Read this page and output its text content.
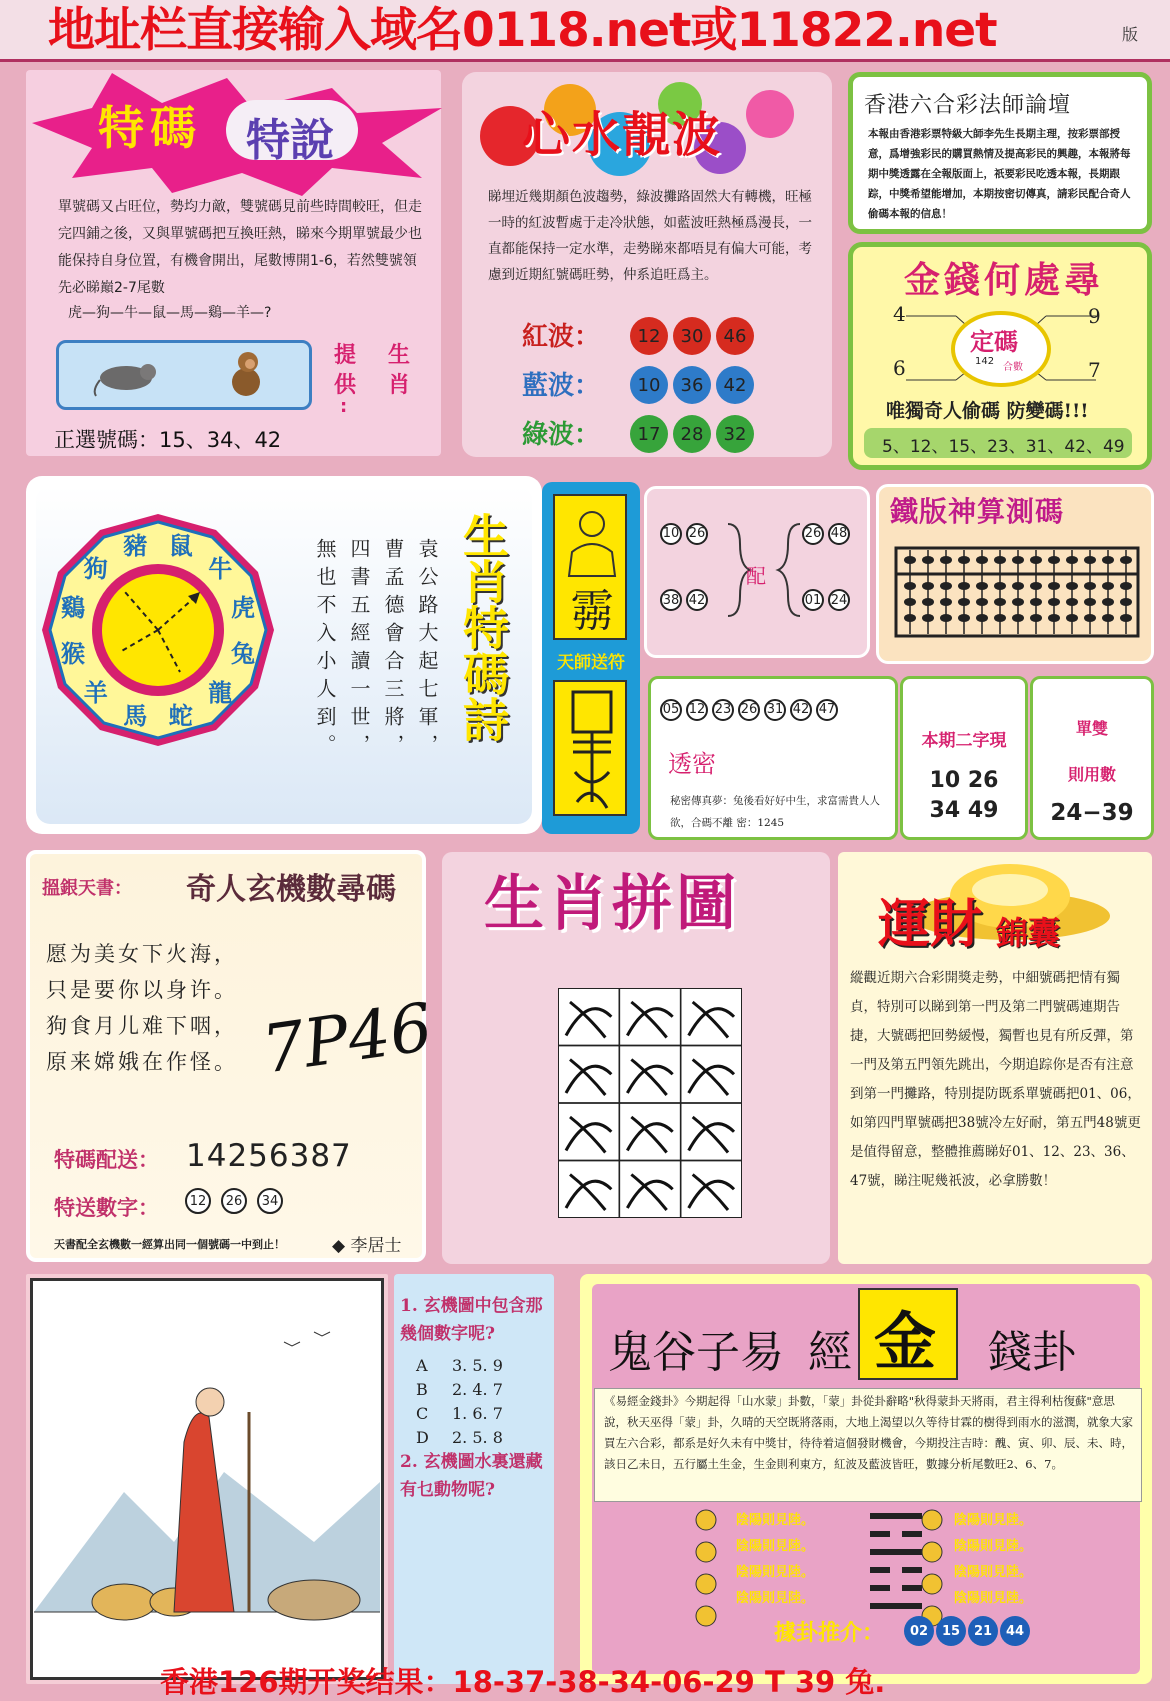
地址栏直接输入域名0118.net或11822.net	版
特碼 特說
單號碼又占旺位，勢均力敵，雙號碼見前些時間較旺，但走完四鋪之後，又與單號碼把互換旺熱，睇來今期單號最少也能保持自身位置，有機會開出，尾數博開1-6，若然雙號領先必睇巔2-7尾數
虎—狗—牛—鼠—馬—鷄—羊—?
提 生
供 肖
:
正選號碼：15、34、42
心水靚波
睇埋近幾期顏色波趨勢，綠波攤路固然大有轉機，旺極一時的紅波暫處于走冷狀態，如藍波旺熱極爲漫長，一直都能保持一定水準，走勢睇來都唔見有偏大可能，考慮到近期紅號碼旺勢，仲系追旺爲主。
紅波：	12	30	46
藍波：	10	36	42
綠波：	17	28	32
香港六合彩法師論壇
本報由香港彩票特級大師李先生長期主理，按彩票部授意，爲增強彩民的購買熱情及提高彩民的興趣，本報將每期中獎透露在全報版面上，祇要彩民吃透本報，長期跟踪，中獎希望能增加，本期按密切傳真，請彩民配合奇人偷碼本報的信息！
金錢何處尋
4	9
6	7
定碼
142
合數
唯獨奇人偷碼 防變碼!!!
5、12、15、23、31、42、49
鼠
牛
虎
兔
龍
蛇
馬
羊
猴
鷄
狗
豬	生肖特碼詩
袁公路大起七軍，
曹孟德會合三將，
四書五經讀一世，
無也不入小人到。	霛
天師送符
10 26
38 42
配
26 48
01 24
鐵版神算測碼
05 12 23 26 31 42 47
透密
秘密傳真夢：兔後看好好中生，求富需貴人人欲，合碼不離 密：1245
本期二字現
10 26
34 49
單雙
則用數
24−39
搵銀天書： 奇人玄機數尋碼
愿为美女下火海，
只是要你以身许。
狗食月儿难下咽，
原来嫦娥在作怪。 7P46
特碼配送： 14256387
特送數字：	12 26 34
天書配全玄機數一經算出同一個號碼一中到止！	◆ 李居士
生肖拼圖	運財 錦囊
縱觀近期六合彩開獎走勢，中細號碼把情有獨貞，特別可以睇到第一門及第二門號碼連期告捷，大號碼把回勢緩慢，獨暫也見有所反彈，第一門及第五門領先跳出，今期追踪你是否有注意到第一門攤路，特別提防既系單號碼把01、06，如第四門單號碼把38號冷左好耐，第五門48號更是值得留意，整體推薦睇好01、12、23、36、47號，睇注呢幾祇波，必拿勝數！
1. 玄機圖中包含那幾個數字呢?
A 3. 5. 9
B 2. 4. 7
C 1. 6. 7
D 2. 5. 8
2. 玄機圖水裏還藏有乜動物呢?
鬼谷子易 經 金 錢卦
《易經金錢卦》今期起得「山水蒙」卦數，「蒙」卦從卦辭略"秋得蒙卦天將雨，君主得利枯復蘇"意思說，秋天巫得「蒙」卦，久晴的天空既將落雨，大地上渴望以久等待甘霖的樹得到雨水的滋潤，就象大家買左六合彩，都系是好久未有中獎甘，待待着這個發財機會，今期投注吉時：醜、寅、卯、辰、未、時，該日乙未日，五行屬土生金，生金則利東方，紅波及藍波皆旺，數據分析尾數旺2、6、7。
陰陽則見陸。
陰陽則見陸。
陰陽則見陸。
陰陽則見陸。
陰陽則見陸。
陰陽則見陸。
陰陽則見陸。
陰陽則見陸。
據卦推介：	02 15 21 44
香港126期开奖结果：18-37-38-34-06-29 T 39 兔.
